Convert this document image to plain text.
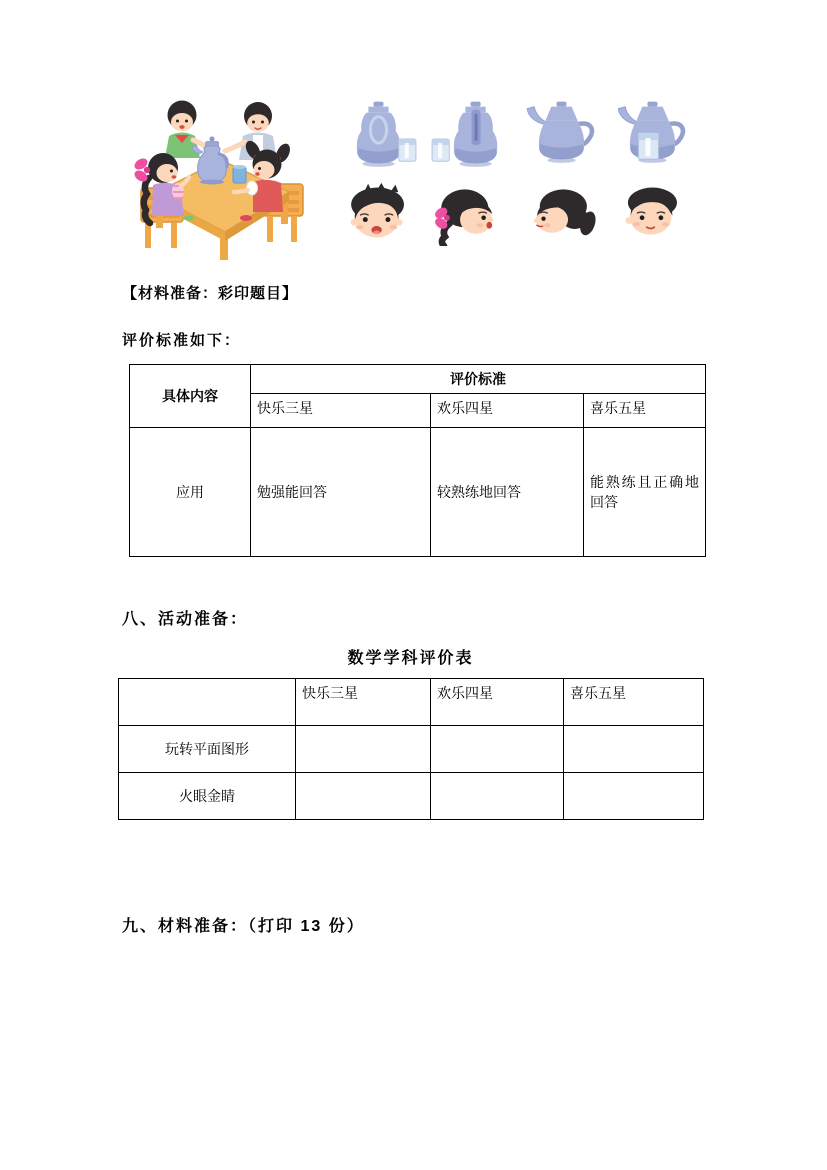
【材料准备：彩印题目】
评价标准如下：
具体内容	评价标准		
	快乐三星	欢乐四星	喜乐五星
应用	勉强能回答	较熟练地回答	能熟练且正确地回答
八、活动准备：
数学学科评价表
	快乐三星	欢乐四星	喜乐五星
玩转平面图形			
火眼金睛			
九、材料准备：（打印 13 份）
